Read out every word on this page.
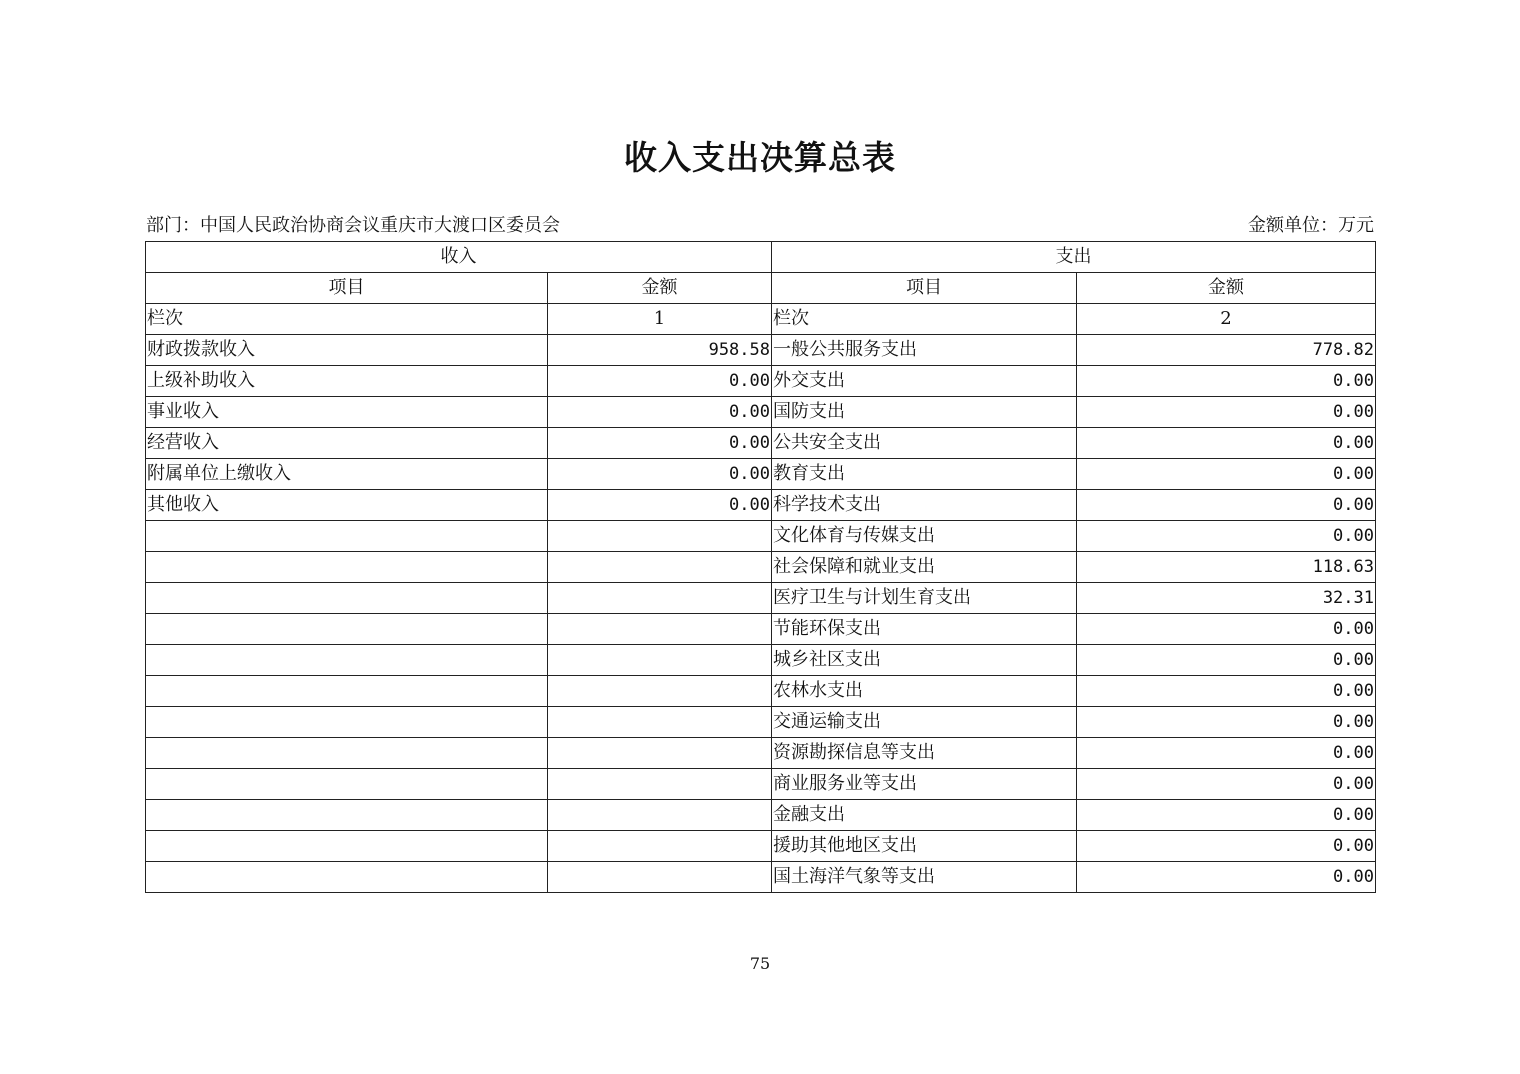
收入支出决算总表
部门：中国人民政治协商会议重庆市大渡口区委员会	金额单位：万元
收入		支出	
项目	金额	项目	金额
栏次	1	栏次	2
财政拨款收入	958.58	一般公共服务支出	778.82
上级补助收入	0.00	外交支出	0.00
事业收入	0.00	国防支出	0.00
经营收入	0.00	公共安全支出	0.00
附属单位上缴收入	0.00	教育支出	0.00
其他收入	0.00	科学技术支出	0.00
		文化体育与传媒支出	0.00
		社会保障和就业支出	118.63
		医疗卫生与计划生育支出	32.31
		节能环保支出	0.00
		城乡社区支出	0.00
		农林水支出	0.00
		交通运输支出	0.00
		资源勘探信息等支出	0.00
		商业服务业等支出	0.00
		金融支出	0.00
		援助其他地区支出	0.00
		国土海洋气象等支出	0.00
75
